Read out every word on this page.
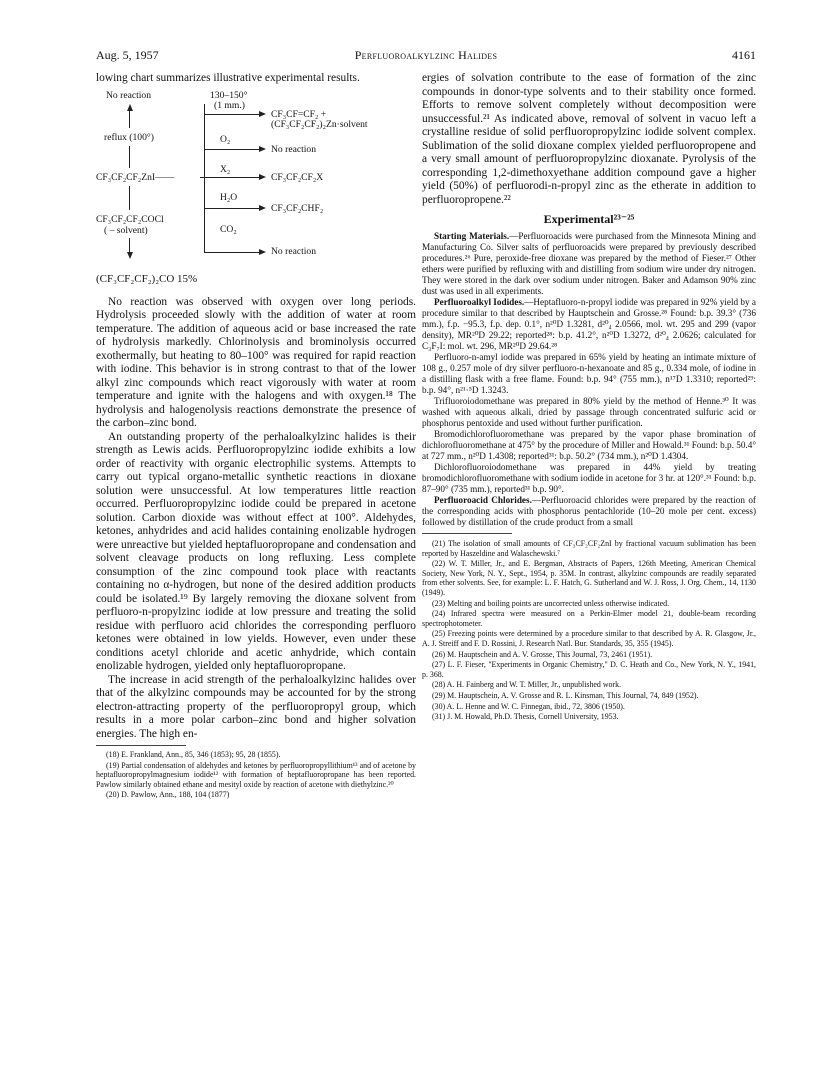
Aug. 5, 1957	Perfluoroalkylzinc Halides	4161

lowing chart summarizes illustrative experimental results.

No reaction
reflux (100°)
CF₃CF₂CF₂ZnI——
CF₃CF₂CF₂COCl
( – solvent)
130–150°
(1 mm.)
CF₃CF=CF₂ +
(CF₃CF₂CF₂)₂Zn·solvent
O₂
No reaction
X₂
CF₃CF₂CF₂X
H₂O
CF₃CF₂CHF₂
CO₂
No reaction
(CF₃CF₂CF₂)₂CO 15%

No reaction was observed with oxygen over long periods. Hydrolysis proceeded slowly with the addition of water at room temperature. The addition of aqueous acid or base increased the rate of hydrolysis markedly. Chlorinolysis and brominolysis occurred exothermally, but heating to 80–100° was required for rapid reaction with iodine. This behavior is in strong contrast to that of the lower alkyl zinc compounds which react vigorously with water at room temperature and ignite with the halogens and with oxygen.¹⁸ The hydrolysis and halogenolysis reactions demonstrate the presence of the carbon–zinc bond.

An outstanding property of the perhaloalkylzinc halides is their strength as Lewis acids. Perfluoropropylzinc iodide exhibits a low order of reactivity with organic electrophilic systems. Attempts to carry out typical organo-metallic synthetic reactions in dioxane solution were unsuccessful. At low temperatures little reaction occurred. Perfluoropropylzinc iodide could be prepared in acetone solution. Carbon dioxide was without effect at 100°. Aldehydes, ketones, anhydrides and acid halides containing enolizable hydrogen were unreactive but yielded heptafluoropropane and condensation and solvent cleavage products on long refluxing. Less complete consumption of the zinc compound took place with reactants containing no α-hydrogen, but none of the desired addition products could be isolated.¹⁹ By largely removing the dioxane solvent from perfluoro-n-propylzinc iodide at low pressure and treating the solid residue with perfluoro acid chlorides the corresponding perfluoro ketones were obtained in low yields. However, even under these conditions acetyl chloride and acetic anhydride, which contain enolizable hydrogen, yielded only heptafluoropropane.

The increase in acid strength of the perhaloalkylzinc halides over that of the alkylzinc compounds may be accounted for by the strong electron-attracting property of the perfluoropropyl group, which results in a more polar carbon–zinc bond and higher solvation energies. The high en-

(18) E. Frankland, Ann., 85, 346 (1853); 95, 28 (1855).

(19) Partial condensation of aldehydes and ketones by perfluoropropyllithium¹³ and of acetone by heptafluoropropylmagnesium iodide¹² with formation of heptafluoropropane has been reported. Pawlow similarly obtained ethane and mesityl oxide by reaction of acetone with diethylzinc.²⁰

(20) D. Pawlow, Ann., 188, 104 (1877)

ergies of solvation contribute to the ease of formation of the zinc compounds in donor-type solvents and to their stability once formed. Efforts to remove solvent completely without decomposition were unsuccessful.²¹ As indicated above, removal of solvent in vacuo left a crystalline residue of solid perfluoropropylzinc iodide solvent complex. Sublimation of the solid dioxane complex yielded perfluoropropene and a very small amount of perfluoropropylzinc dioxanate. Pyrolysis of the corresponding 1,2-dimethoxyethane addition compound gave a higher yield (50%) of perfluorodi-n-propyl zinc as the etherate in addition to perfluoropropene.²²

Experimental²³⁻²⁵

Starting Materials.—Perfluoroacids were purchased from the Minnesota Mining and Manufacturing Co. Silver salts of perfluoroacids were prepared by previously described procedures.²⁶ Pure, peroxide-free dioxane was prepared by the method of Fieser.²⁷ Other ethers were purified by refluxing with and distilling from sodium wire under dry nitrogen. They were stored in the dark over sodium under nitrogen. Baker and Adamson 90% zinc dust was used in all experiments.

Perfluoroalkyl Iodides.—Heptafluoro-n-propyl iodide was prepared in 92% yield by a procedure similar to that described by Hauptschein and Grosse.²⁸ Found: b.p. 39.3° (736 mm.), f.p. −95.3, f.p. dep. 0.1°, n²⁰D 1.3281, d²⁰₄ 2.0566, mol. wt. 295 and 299 (vapor density), MR²⁰D 29.22; reported²⁸: b.p. 41.2°, n²⁰D 1.3272, d²⁰₄ 2.0626; calculated for C₃F₇I: mol. wt. 296, MR²⁰D 29.64.²⁸

Perfluoro-n-amyl iodide was prepared in 65% yield by heating an intimate mixture of 108 g., 0.257 mole of dry silver perfluoro-n-hexanoate and 85 g., 0.334 mole, of iodine in a distilling flask with a free flame. Found: b.p. 94° (755 mm.), n¹⁷D 1.3310; reported²⁹: b.p. 94°, n²¹·⁵D 1.3243.

Trifluoroiodomethane was prepared in 80% yield by the method of Henne.³⁰ It was washed with aqueous alkali, dried by passage through concentrated sulfuric acid or phosphorus pentoxide and used without further purification.

Bromodichlorofluoromethane was prepared by the vapor phase bromination of dichlorofluoromethane at 475° by the procedure of Miller and Howald.³¹ Found: b.p. 50.4° at 727 mm., n²⁰D 1.4308; reported³¹: b.p. 50.2° (734 mm.), n²⁰D 1.4304.

Dichlorofluoroiodomethane was prepared in 44% yield by treating bromodichlorofluoromethane with sodium iodide in acetone for 3 hr. at 120°.³¹ Found: b.p. 87–90° (735 mm.), reported³¹ b.p. 90°.

Perfluoroacid Chlorides.—Perfluoroacid chlorides were prepared by the reaction of the corresponding acids with phosphorus pentachloride (10–20 mole per cent. excess) followed by distillation of the crude product from a small

(21) The isolation of small amounts of CF₃CF₂CF₂ZnI by fractional vacuum sublimation has been reported by Haszeldine and Walaschewski.⁷

(22) W. T. Miller, Jr., and E. Bergman, Abstracts of Papers, 126th Meeting, American Chemical Society, New York, N. Y., Sept., 1954, p. 35M. In contrast, alkylzinc compounds are readily separated from ether solvents. See, for example: L. F. Hatch, G. Sutherland and W. J. Ross, J. Org. Chem., 14, 1130 (1949).

(23) Melting and boiling points are uncorrected unless otherwise indicated.

(24) Infrared spectra were measured on a Perkin-Elmer model 21, double-beam recording spectrophotometer.

(25) Freezing points were determined by a procedure similar to that described by A. R. Glasgow, Jr., A. J. Streiff and F. D. Rossini, J. Research Natl. Bur. Standards, 35, 355 (1945).

(26) M. Hauptschein and A. V. Grosse, This Journal, 73, 2461 (1951).

(27) L. F. Fieser, "Experiments in Organic Chemistry," D. C. Heath and Co., New York, N. Y., 1941, p. 368.

(28) A. H. Fainberg and W. T. Miller, Jr., unpublished work.

(29) M. Hauptschein, A. V. Grosse and R. L. Kinsman, This Journal, 74, 849 (1952).

(30) A. L. Henne and W. C. Finnegan, ibid., 72, 3806 (1950).

(31) J. M. Howald, Ph.D. Thesis, Cornell University, 1953.
